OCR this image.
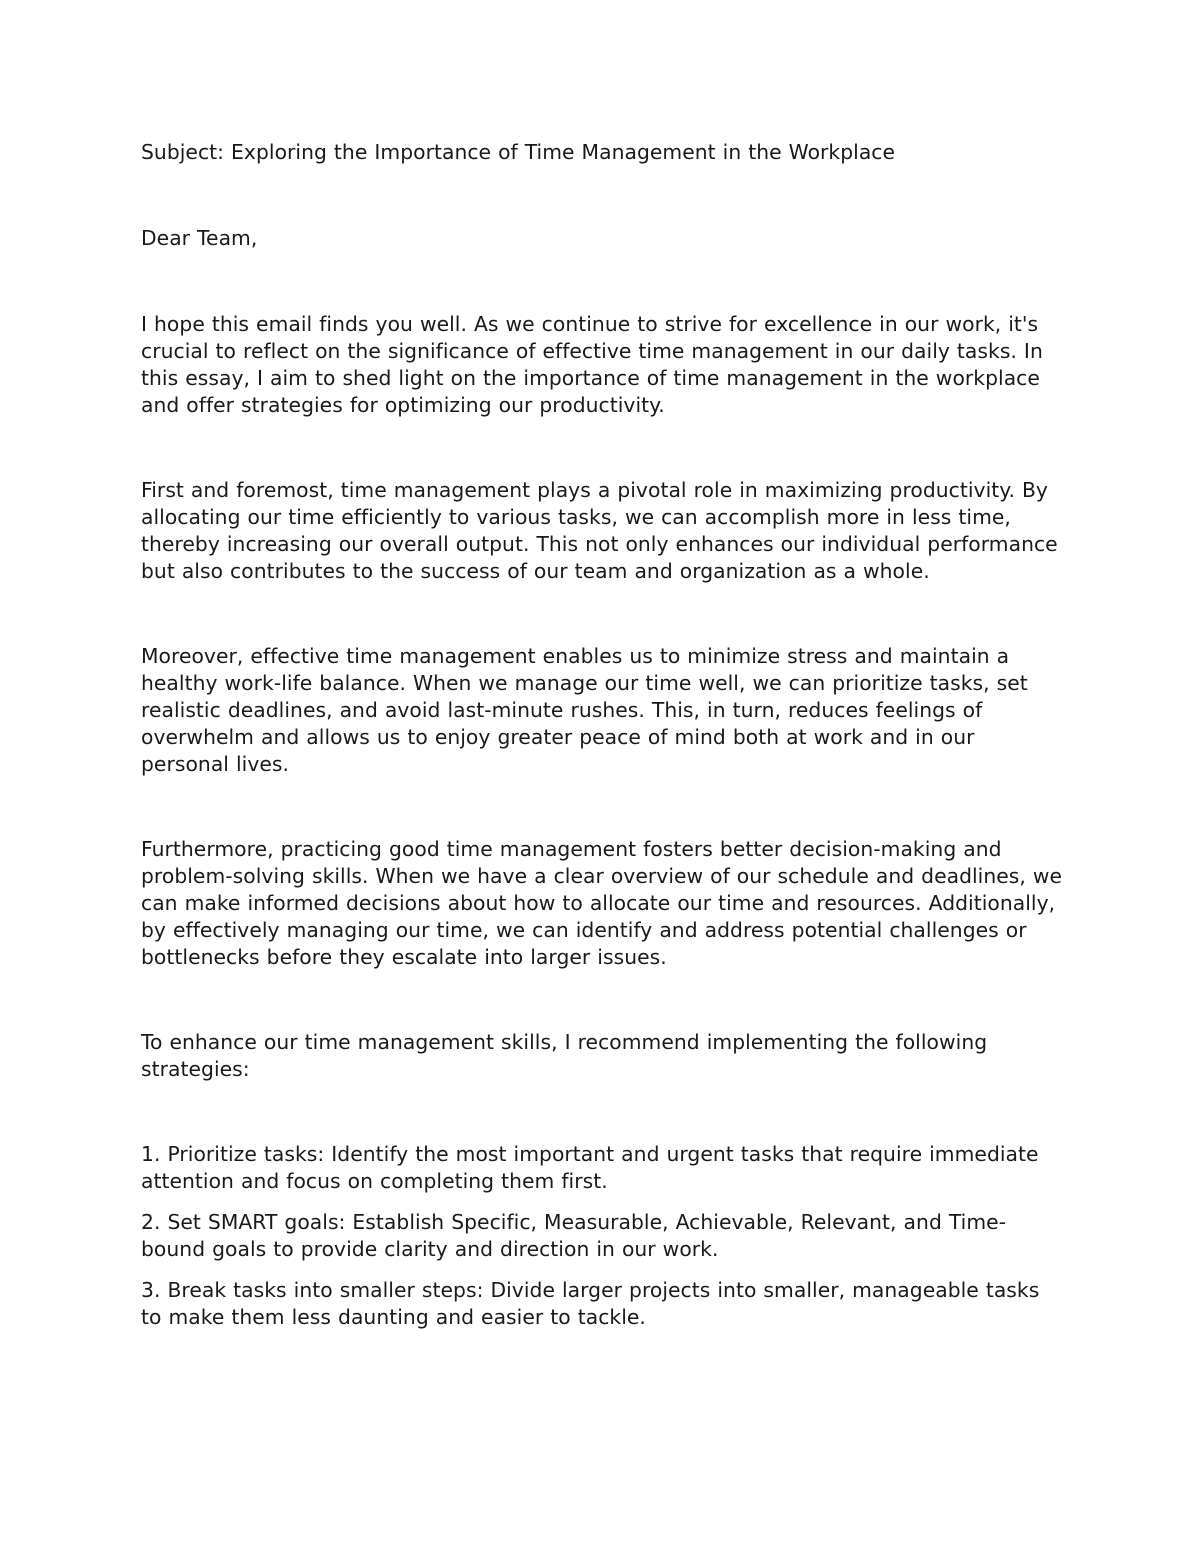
Subject: Exploring the Importance of Time Management in the Workplace

Dear Team,

I hope this email finds you well. As we continue to strive for excellence in our work, it's crucial to reflect on the significance of effective time management in our daily tasks. In this essay, I aim to shed light on the importance of time management in the workplace and offer strategies for optimizing our productivity.

First and foremost, time management plays a pivotal role in maximizing productivity. By allocating our time efficiently to various tasks, we can accomplish more in less time, thereby increasing our overall output. This not only enhances our individual performance but also contributes to the success of our team and organization as a whole.

Moreover, effective time management enables us to minimize stress and maintain a healthy work-life balance. When we manage our time well, we can prioritize tasks, set realistic deadlines, and avoid last-minute rushes. This, in turn, reduces feelings of overwhelm and allows us to enjoy greater peace of mind both at work and in our personal lives.

Furthermore, practicing good time management fosters better decision-making and problem-solving skills. When we have a clear overview of our schedule and deadlines, we can make informed decisions about how to allocate our time and resources. Additionally, by effectively managing our time, we can identify and address potential challenges or bottlenecks before they escalate into larger issues.

To enhance our time management skills, I recommend implementing the following strategies:

1. Prioritize tasks: Identify the most important and urgent tasks that require immediate attention and focus on completing them first.

2. Set SMART goals: Establish Specific, Measurable, Achievable, Relevant, and Time-bound goals to provide clarity and direction in our work.

3. Break tasks into smaller steps: Divide larger projects into smaller, manageable tasks to make them less daunting and easier to tackle.
